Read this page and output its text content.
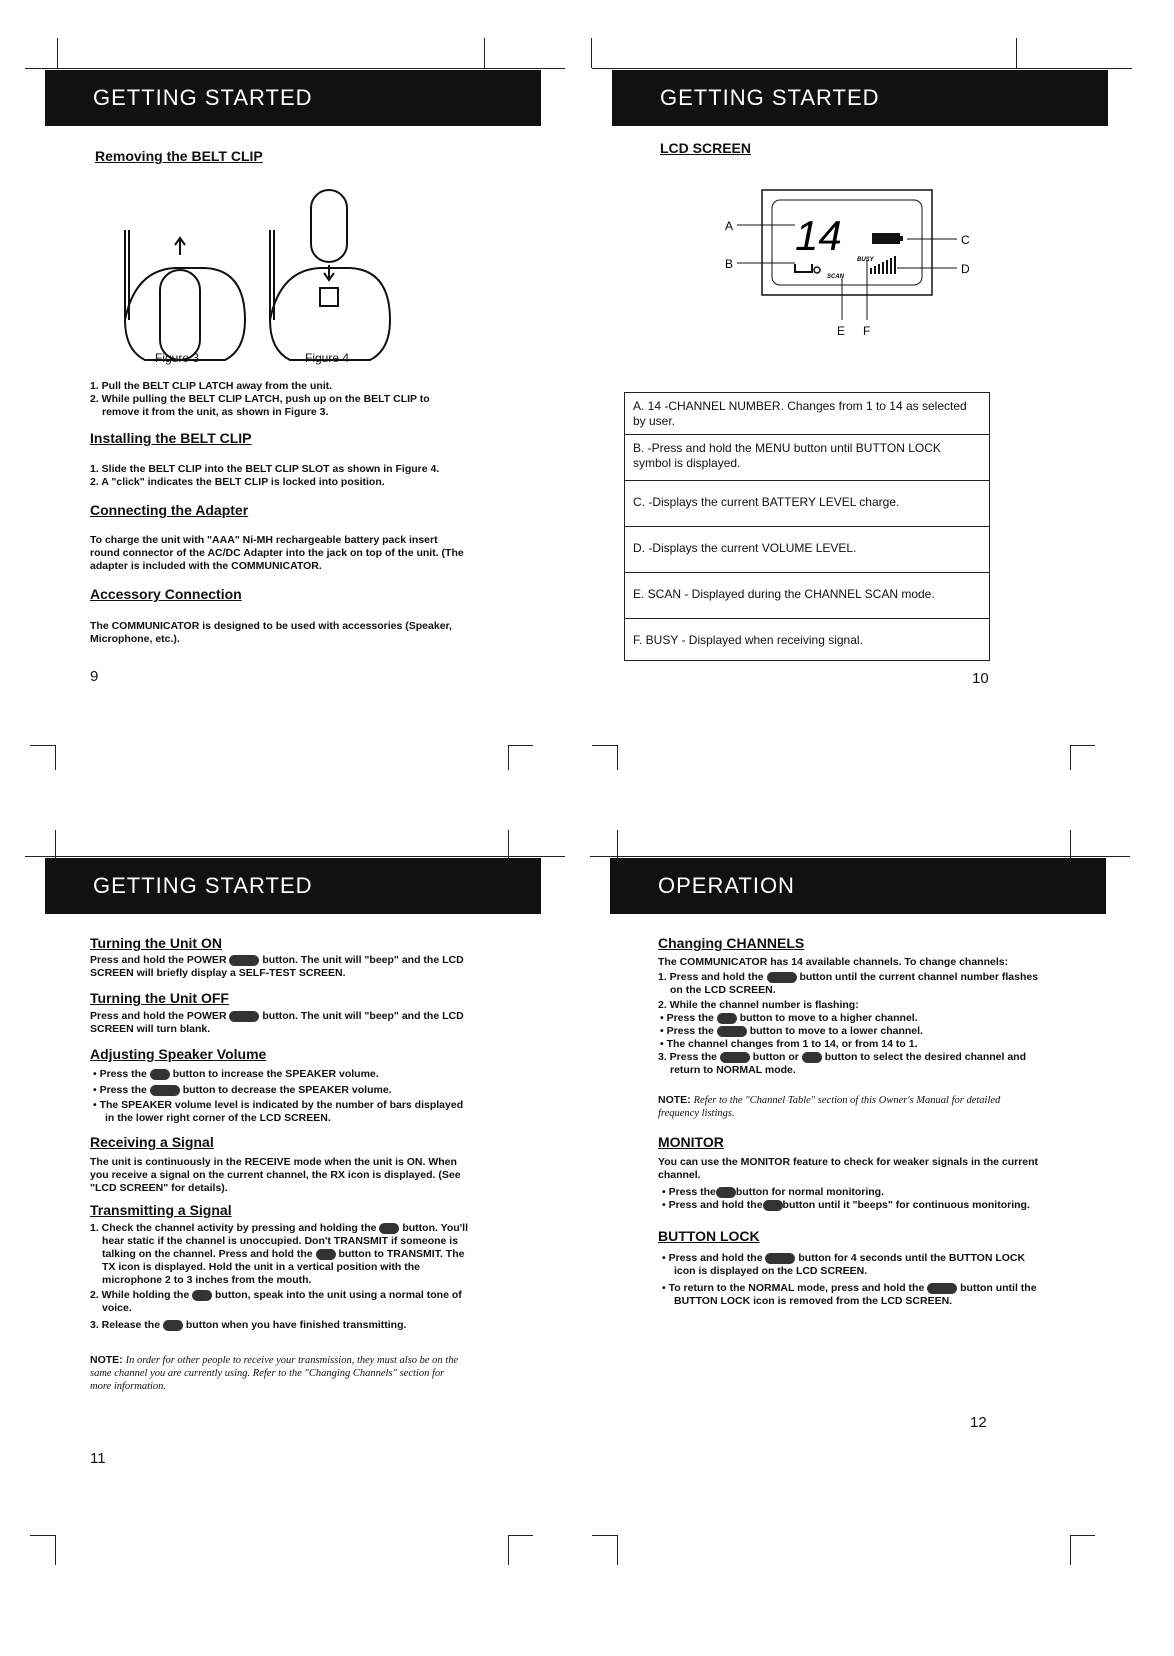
GETTING STARTED
Removing the BELT CLIP
Figure 3	Figure 4

1. Pull the BELT CLIP LATCH away from the unit.

2. While pulling the BELT CLIP LATCH, push up on the BELT CLIP to remove it from the unit, as shown in Figure 3.

Installing the BELT CLIP

1. Slide the BELT CLIP into the BELT CLIP SLOT as shown in Figure 4.

2. A "click" indicates the BELT CLIP is locked into position.

Connecting the Adapter
To charge the unit with "AAA" Ni-MH rechargeable battery pack insert round connector of the AC/DC Adapter into the jack on top of the unit. (The adapter is included with the COMMUNICATOR.
Accessory Connection
The COMMUNICATOR is designed to be used with accessories (Speaker, Microphone, etc.).
9
GETTING STARTED
LCD SCREEN
14
BUSY
SCAN
A
B
C
D
E F
A. 14 -CHANNEL NUMBER. Changes from 1 to 14 as selected by user.
B. -Press and hold the MENU button until BUTTON LOCK symbol is displayed.
C. -Displays the current BATTERY LEVEL charge.
D. -Displays the current VOLUME LEVEL.
E. SCAN - Displayed during the CHANNEL SCAN mode.
F. BUSY - Displayed when receiving signal.
10
GETTING STARTED
Turning the Unit ON
Press and hold the POWER	button. The unit will "beep" and the LCD SCREEN will briefly display a SELF-TEST SCREEN.
Turning the Unit OFF
Press and hold the POWER	button. The unit will "beep" and the LCD SCREEN will turn blank.
Adjusting Speaker Volume

• Press the button to increase the SPEAKER volume.

• Press the	button to decrease the SPEAKER volume.

• The SPEAKER volume level is indicated by the number of bars displayed in the lower right corner of the LCD SCREEN.

Receiving a Signal
The unit is continuously in the RECEIVE mode when the unit is ON. When you receive a signal on the current channel, the RX icon is displayed. (See "LCD SCREEN" for details).
Transmitting a Signal

1. Check the channel activity by pressing and holding the button. You'll hear static if the channel is unoccupied. Don't TRANSMIT if someone is talking on the channel. Press and hold the button to TRANSMIT. The TX icon is displayed. Hold the unit in a vertical position with the microphone 2 to 3 inches from the mouth.

2. While holding the button, speak into the unit using a normal tone of voice.

3. Release the button when you have finished transmitting.

NOTE: In order for other people to receive your transmission, they must also be on the same channel you are currently using. Refer to the "Changing Channels" section for more information.
11
OPERATION
Changing CHANNELS

The COMMUNICATOR has 14 available channels. To change channels:

1. Press and hold the	button until the current channel number flashes on the LCD SCREEN.

2. While the channel number is flashing:

• Press the button to move to a higher channel.

• Press the	button to move to a lower channel.

• The channel changes from 1 to 14, or from 14 to 1.

3. Press the	button or button to select the desired channel and return to NORMAL mode.

NOTE: Refer to the "Channel Table" section of this Owner's Manual for detailed frequency listings.
MONITOR

You can use the MONITOR feature to check for weaker signals in the current channel.

• Press the button for normal monitoring.

• Press and hold the button until it "beeps" for continuous monitoring.

BUTTON LOCK

• Press and hold the	button for 4 seconds until the BUTTON LOCK icon is displayed on the LCD SCREEN.

• To return to the NORMAL mode, press and hold the	button until the BUTTON LOCK icon is removed from the LCD SCREEN.

12
